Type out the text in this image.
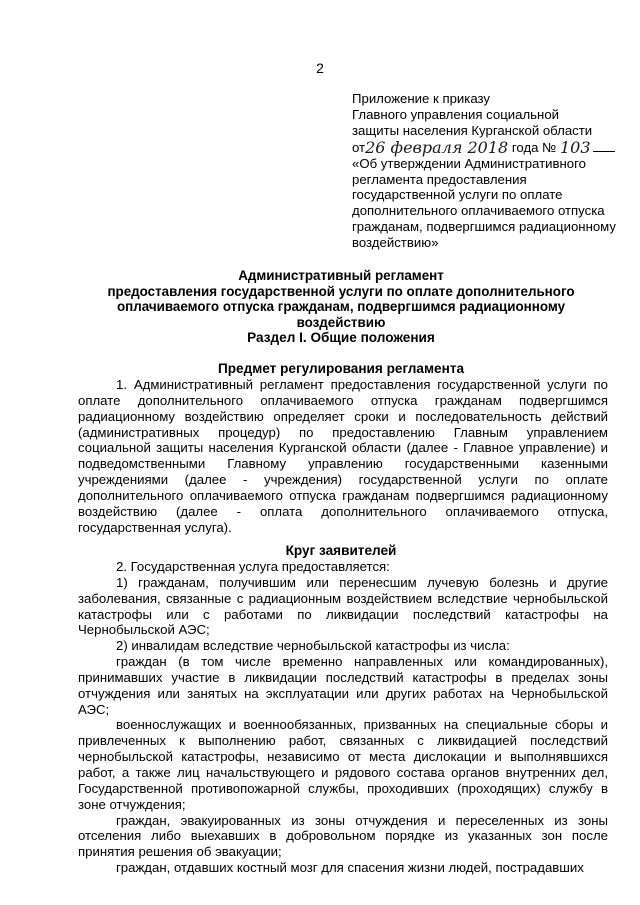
2
Приложение к приказу
Главного управления социальной
защиты населения Курганской области
от26 февраля 2018 года № 103
«Об утверждении Административного
регламента предоставления
государственной услуги по оплате
дополнительного оплачиваемого отпуска
гражданам, подвергшимся радиационному
воздействию»
Административный регламент
предоставления государственной услуги по оплате дополнительного
оплачиваемого отпуска гражданам, подвергшимся радиационному воздействию
Раздел I. Общие положения
Предмет регулирования регламента

1. Административный регламент предоставления государственной услуги по оплате дополнительного оплачиваемого отпуска гражданам подвергшимся радиационному воздействию определяет сроки и последовательность действий (административных процедур) по предоставлению Главным управлением социальной защиты населения Курганской области (далее - Главное управление) и подведомственными Главному управлению государственными казенными учреждениями (далее - учреждения) государственной услуги по оплате дополнительного оплачиваемого отпуска гражданам подвергшимся радиационному воздействию (далее - оплата дополнительного оплачиваемого отпуска, государственная услуга).

Круг заявителей

2. Государственная услуга предоставляется:

1) гражданам, получившим или перенесшим лучевую болезнь и другие заболевания, связанные с радиационным воздействием вследствие чернобыльской катастрофы или с работами по ликвидации последствий катастрофы на Чернобыльской АЭС;

2) инвалидам вследствие чернобыльской катастрофы из числа:

граждан (в том числе временно направленных или командированных), принимавших участие в ликвидации последствий катастрофы в пределах зоны отчуждения или занятых на эксплуатации или других работах на Чернобыльской АЭС;

военнослужащих и военнообязанных, призванных на специальные сборы и привлеченных к выполнению работ, связанных с ликвидацией последствий чернобыльской катастрофы, независимо от места дислокации и выполнявшихся работ, а также лиц начальствующего и рядового состава органов внутренних дел, Государственной противопожарной службы, проходивших (проходящих) службу в зоне отчуждения;

граждан, эвакуированных из зоны отчуждения и переселенных из зоны отселения либо выехавших в добровольном порядке из указанных зон после принятия решения об эвакуации;

граждан, отдавших костный мозг для спасения жизни людей, пострадавших
